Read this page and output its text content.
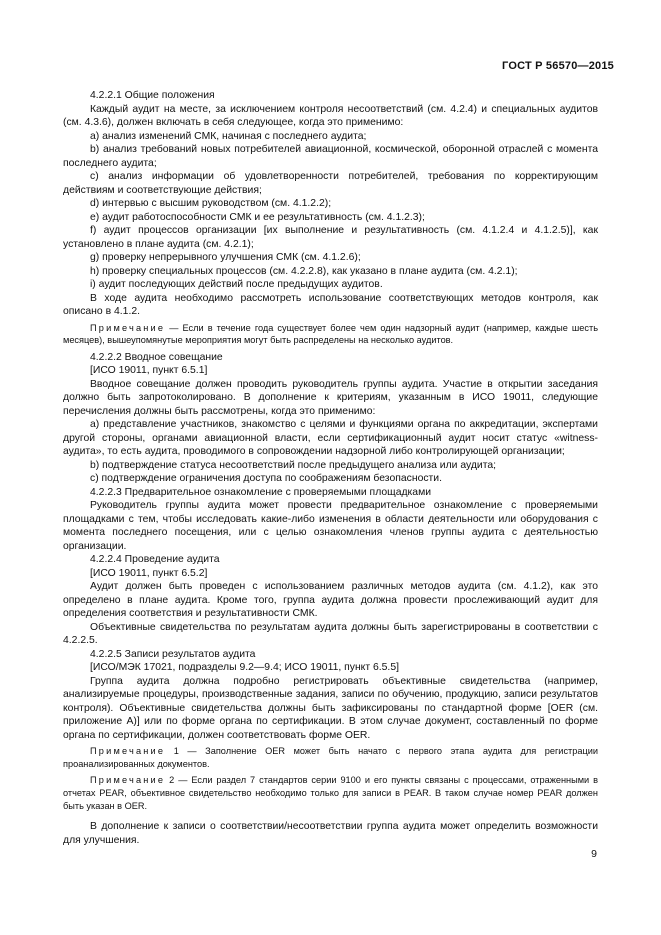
ГОСТ Р 56570—2015

4.2.2.1 Общие положения

Каждый аудит на месте, за исключением контроля несоответствий (см. 4.2.4) и специальных аудитов (см. 4.3.6), должен включать в себя следующее, когда это применимо:

a) анализ изменений СМК, начиная с последнего аудита;

b) анализ требований новых потребителей авиационной, космической, оборонной отраслей с момента последнего аудита;

c) анализ информации об удовлетворенности потребителей, требования по корректирующим действиям и соответствующие действия;

d) интервью с высшим руководством (см. 4.1.2.2);

e) аудит работоспособности СМК и ее результативность (см. 4.1.2.3);

f) аудит процессов организации [их выполнение и результативность (см. 4.1.2.4 и 4.1.2.5)], как установлено в плане аудита (см. 4.2.1);

g) проверку непрерывного улучшения СМК (см. 4.1.2.6);

h) проверку специальных процессов (см. 4.2.2.8), как указано в плане аудита (см. 4.2.1);

i) аудит последующих действий после предыдущих аудитов.

В ходе аудита необходимо рассмотреть использование соответствующих методов контроля, как описано в 4.1.2.

Примечание — Если в течение года существует более чем один надзорный аудит (например, каждые шесть месяцев), вышеупомянутые мероприятия могут быть распределены на несколько аудитов.

4.2.2.2 Вводное совещание

[ИСО 19011, пункт 6.5.1]

Вводное совещание должен проводить руководитель группы аудита. Участие в открытии заседания должно быть запротоколировано. В дополнение к критериям, указанным в ИСО 19011, следующие перечисления должны быть рассмотрены, когда это применимо:

a) представление участников, знакомство с целями и функциями органа по аккредитации, экспертами другой стороны, органами авиационной власти, если сертификационный аудит носит статус «witness-аудита», то есть аудита, проводимого в сопровождении надзорной либо контролирующей организации;

b) подтверждение статуса несоответствий после предыдущего анализа или аудита;

c) подтверждение ограничения доступа по соображениям безопасности.

4.2.2.3 Предварительное ознакомление с проверяемыми площадками

Руководитель группы аудита может провести предварительное ознакомление с проверяемыми площадками с тем, чтобы исследовать какие-либо изменения в области деятельности или оборудования с момента последнего посещения, или с целью ознакомления членов группы аудита с деятельностью организации.

4.2.2.4 Проведение аудита

[ИСО 19011, пункт 6.5.2]

Аудит должен быть проведен с использованием различных методов аудита (см. 4.1.2), как это определено в плане аудита. Кроме того, группа аудита должна провести прослеживающий аудит для определения соответствия и результативности СМК.

Объективные свидетельства по результатам аудита должны быть зарегистрированы в соответствии с 4.2.2.5.

4.2.2.5 Записи результатов аудита

[ИСО/МЭК 17021, подразделы 9.2—9.4; ИСО 19011, пункт 6.5.5]

Группа аудита должна подробно регистрировать объективные свидетельства (например, анализируемые процедуры, производственные задания, записи по обучению, продукцию, записи результатов контроля). Объективные свидетельства должны быть зафиксированы по стандартной форме [OER (см. приложение А)] или по форме органа по сертификации. В этом случае документ, составленный по форме органа по сертификации, должен соответствовать форме OER.

Примечание 1 — Заполнение OER может быть начато с первого этапа аудита для регистрации проанализированных документов.

Примечание 2 — Если раздел 7 стандартов серии 9100 и его пункты связаны с процессами, отраженными в отчетах PEAR, объективное свидетельство необходимо только для записи в PEAR. В таком случае номер PEAR должен быть указан в OER.

В дополнение к записи о соответствии/несоответствии группа аудита может определить возможности для улучшения.

9
